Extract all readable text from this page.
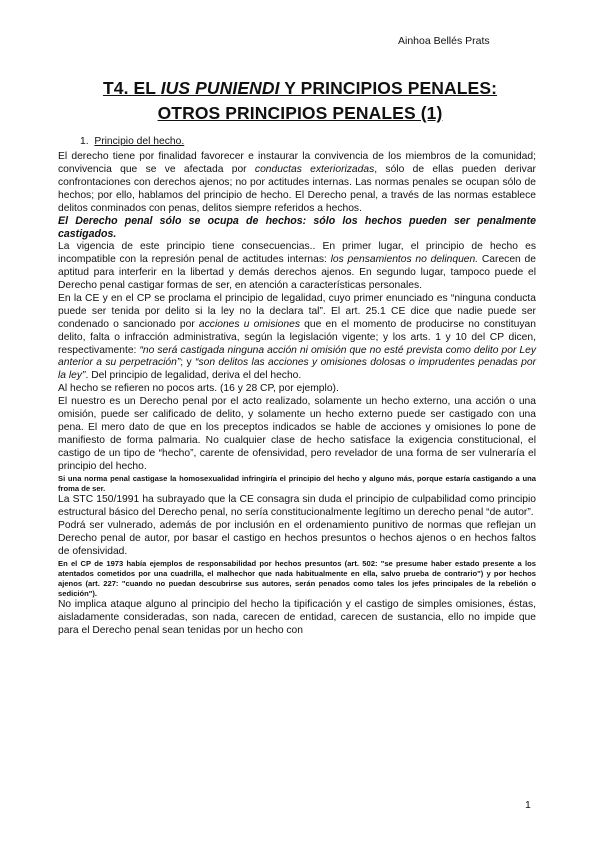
Ainhoa Bellés Prats
T4. EL IUS PUNIENDI Y PRINCIPIOS PENALES:
OTROS PRINCIPIOS PENALES (1)

1. Principio del hecho.

El derecho tiene por finalidad favorecer e instaurar la convivencia de los miembros de la comunidad; convivencia que se ve afectada por conductas exteriorizadas, sólo de ellas pueden derivar confrontaciones con derechos ajenos; no por actitudes internas. Las normas penales se ocupan sólo de hechos; por ello, hablamos del principio de hecho. El Derecho penal, a través de las normas establece delitos conminados con penas, delitos siempre referidos a hechos.

El Derecho penal sólo se ocupa de hechos: sólo los hechos pueden ser penalmente castigados.

La vigencia de este principio tiene consecuencias.. En primer lugar, el principio de hecho es incompatible con la represión penal de actitudes internas: los pensamientos no delinquen. Carecen de aptitud para interferir en la libertad y demás derechos ajenos. En segundo lugar, tampoco puede el Derecho penal castigar formas de ser, en atención a características personales.

En la CE y en el CP se proclama el principio de legalidad, cuyo primer enunciado es “ninguna conducta puede ser tenida por delito si la ley no la declara tal”. El art. 25.1 CE dice que nadie puede ser condenado o sancionado por acciones u omisiones que en el momento de producirse no constituyan delito, falta o infracción administrativa, según la legislación vigente; y los arts. 1 y 10 del CP dicen, respectivamente: “no será castigada ninguna acción ni omisión que no esté prevista como delito por Ley anterior a su perpetración”; y “son delitos las acciones y omisiones dolosas o imprudentes penadas por la ley”. Del principio de legalidad, deriva el del hecho.

Al hecho se refieren no pocos arts. (16 y 28 CP, por ejemplo).

El nuestro es un Derecho penal por el acto realizado, solamente un hecho externo, una acción o una omisión, puede ser calificado de delito, y solamente un hecho externo puede ser castigado con una pena. El mero dato de que en los preceptos indicados se hable de acciones y omisiones lo pone de manifiesto de forma palmaria. No cualquier clase de hecho satisface la exigencia constitucional, el castigo de un tipo de “hecho”, carente de ofensividad, pero revelador de una forma de ser vulneraría el principio del hecho.

Si una norma penal castigase la homosexualidad infringiría el principio del hecho y alguno más, porque estaría castigando a una froma de ser.

La STC 150/1991 ha subrayado que la CE consagra sin duda el principio de culpabilidad como principio estructural básico del Derecho penal, no sería constitucionalmente legítimo un derecho penal “de autor”.

Podrá ser vulnerado, además de por inclusión en el ordenamiento punitivo de normas que reflejan un Derecho penal de autor, por basar el castigo en hechos presuntos o hechos ajenos o en hechos faltos de ofensividad.

En el CP de 1973 había ejemplos de responsabilidad por hechos presuntos (art. 502: "se presume haber estado presente a los atentados cometidos por una cuadrilla, el malhechor que nada habitualmente en ella, salvo prueba de contrario") y por hechos ajenos (art. 227: "cuando no puedan descubrirse sus autores, serán penados como tales los jefes principales de la rebelión o sedición").

No implica ataque alguno al principio del hecho la tipificación y el castigo de simples omisiones, éstas, aisladamente consideradas, son nada, carecen de entidad, carecen de sustancia, ello no impide que para el Derecho penal sean tenidas por un hecho con

1
